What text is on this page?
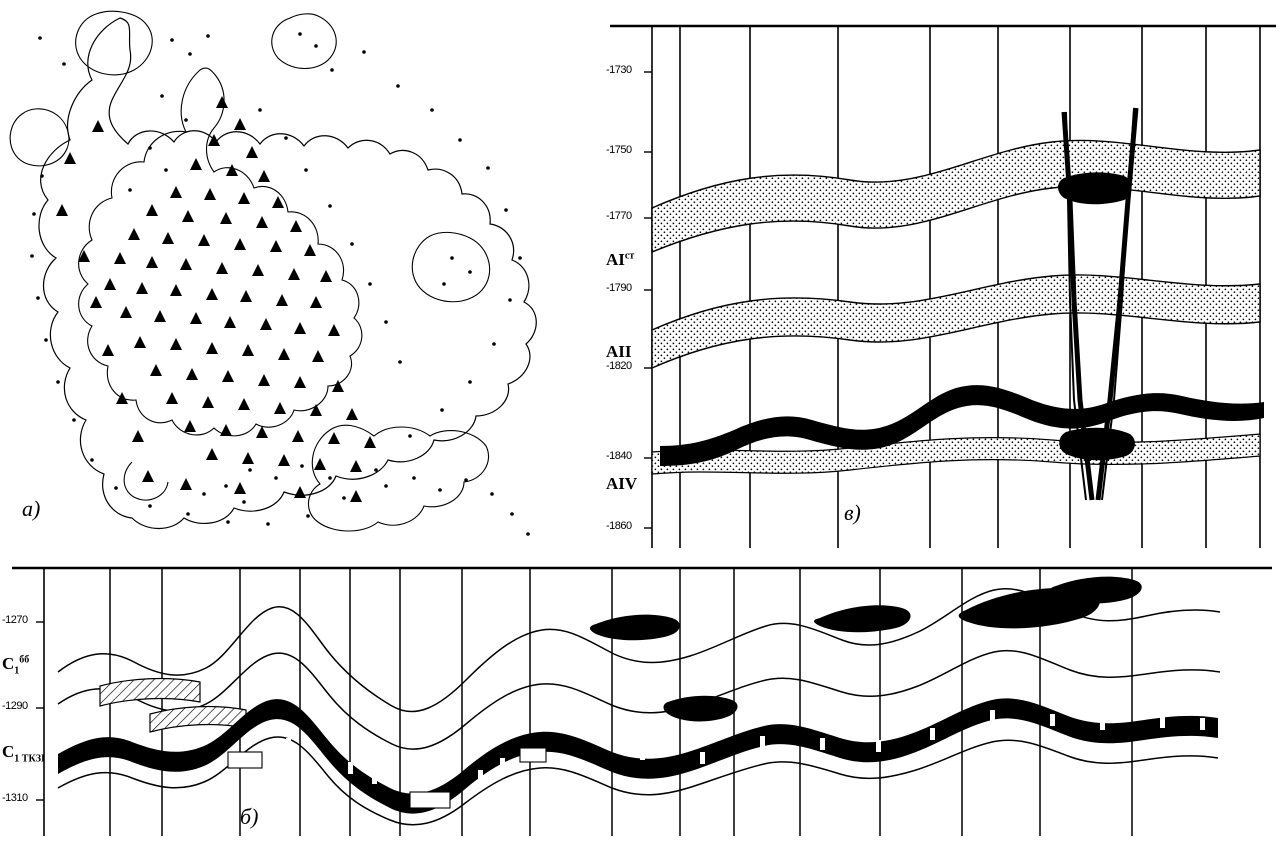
a)
-1730
-1750
-1770
-1790
-1820
-1840
-1860
$АI^{ст}$
АII
АIV
в)
-1270
-1290
-1310
$C_1^{бб}$
$C_{1 ТКЗІ}$
б)
